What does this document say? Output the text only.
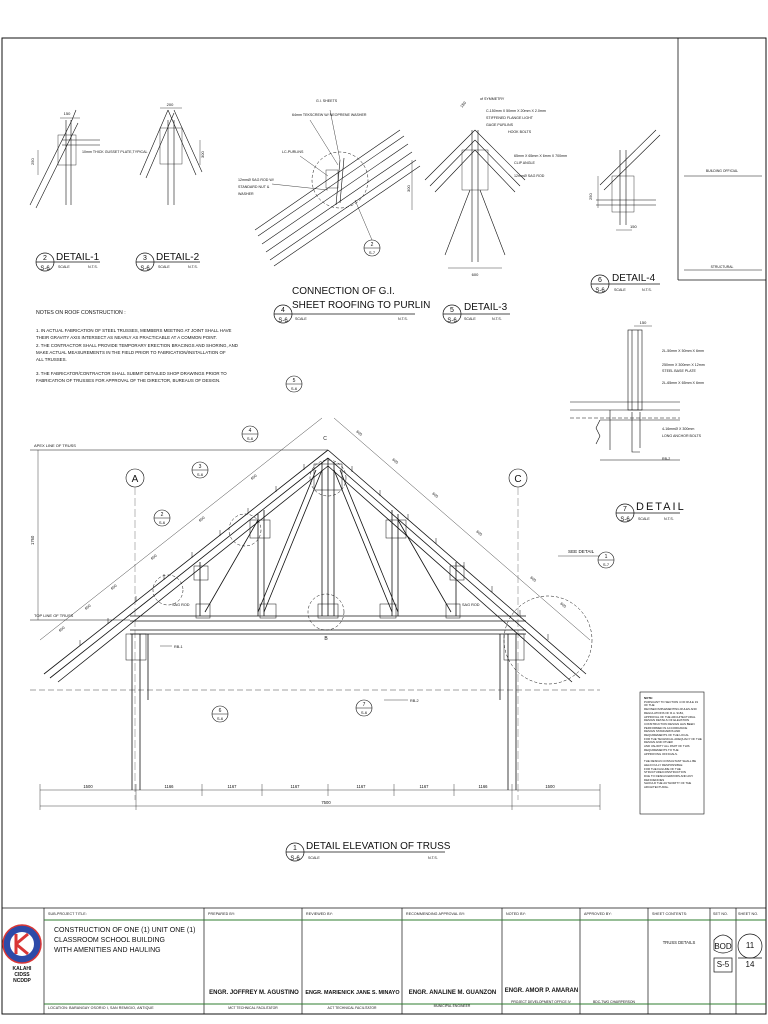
BUILDING OFFICIAL
STRUCTURAL
150
250
10mm THICK GUSSET PLATE,TYPICAL
200
300
G.I. SHEETS
64mm TEKSCREW W/ NEOPRENE WASHER
LC-PURLINS
12mmØ SAG ROD W/
STANDARD NUT &
WASHER
2
S-7
150
of SYMMETRY
C-150mm X 50mm X 20mm X 2.0mm
STIFFENED FLANGE LIGHT
GAGE PURLINS
HOOK BOLTS
65mm X 65mm X 6mm X 700mm
CLIP ANGLE
12mmØ SAG ROD
600
300
250
150
150
2L-50mm X 50mm X 6mm
250mm X 300mm X 12mm
STEEL BASE PLATE
2L-65mm X 65mm X 6mm
4-16mmØ X 300mm
LONG ANCHOR BOLTS
RB-2
2
S-6
DETAIL-1
SCALE	N.T.S.
3
S-6
DETAIL-2
SCALE	N.T.S.
4
S-6
CONNECTION OF G.I.
SHEET ROOFING TO PURLIN
SCALE	N.T.S.
5
S-6
DETAIL-3
SCALE	N.T.S.
6
S-6
DETAIL-4
SCALE	N.T.S.
7
S-6
DETAIL
SCALE	N.T.S.
1
S-6
DETAIL ELEVATION OF TRUSS
SCALE	N.T.S.
NOTES ON ROOF CONSTRUCTION :
1. IN ACTUAL FABRICATION OF STEEL TRUSSES, MEMBERS MEETING AT JOINT SHALL HAVE
THEIR GRAVITY AXIS INTERSECT AS NEARLY AS PRACTICABLE AT A COMMON POINT.
2. THE CONTRACTOR SHALL PROVIDE TEMPORARY ERECTION BRACINGS AND SHORING, AND
MAKE ACTUAL MEASUREMENTS IN THE FIELD PRIOR TO FABRICATION/INSTALLATION OF
ALL TRUSSES.
3. THE FABRICATOR/CONTRACTOR SHALL SUBMIT DETAILED SHOP DRAWINGS PRIOR TO
FABRICATION OF TRUSSES FOR APPROVAL OF THE DIRECTOR, BUREAUS OF DESIGN.
APEX LINE OF TRUSS
TOP LINE OF TRUSS
1760
A	C
SAG ROD	SAG ROD
RB-1
RB-2
SEE DETAIL
1
S-7
B
C
5
S-6
4
S-6
3
S-6
2
S-6
6
S-6
7
S-6
600
600
600
600
600
600
600
600
600
600
600
600
1500	1166	1167	1167	1167	1167	1166	1500
7500
KALAHI
CIDSS
NCDDP
NOTE:
PURSUANT TO SECTION 4 OF RULE 19 OF THE
REVISED IMPLEMENTING RULES AND REGULATIONS OF R.A. 9184,
APPROVAL OF THE ARCHITECTURAL DESIGN DETAILS OF ELEVATION
CONSTRUCTION DESIGN HAS BEEN PERFORMED IN ACCORDANCE
DESIGN STANDARDS AND REQUIREMENTS OF THE LOCAL
FOR THE TECHNICAL ADEQUACY OF THE DESIGN AND OTHER
AND VALIDITY ALL PART OF THIS REQUIREMENTS TO THE
APPROVING OFFICIALS.
THE DESIGN CONSULTANT SHALL BE HELD FULLY RESPONSIBLE
FOR THE FAILURE OF THE STRUCTURE/CONSTRUCTION
DUE TO DESIGN ERRORS AND ANY DEFICIENCIES
SHOULD THE AUTHORITY OF THE ARCHITECTURAL.
SUB-PROJECT TITLE:
CONSTRUCTION OF ONE (1) UNIT ONE (1)
CLASSROOM SCHOOL BUILDING
WITH AMENITIES AND HAULING
LOCATION: BARANGAY OSORIO I, SAN REMIGIO, ANTIQUE
PREPARED BY:
ENGR. JOFFREY M. AGUSTINO
MCT TECHNICAL FACILITATOR
REVIEWED BY:
ENGR. MARIENICK JANE S. MINAYO
ACT TECHNICAL FACILITATOR
RECOMMENDING APPROVAL BY:
ENGR. ANALINE M. GUANZON
MUNICIPAL ENGINEER
NOTED BY:
ENGR. AMOR P. AMARAN
PROJECT DEVELOPMENT OFFICE IV
APPROVED BY:
BDC-TWG CHAIRPERSON
SHEET CONTENTS:
TRUSS DETAILS
SET NO.
BOD
S-5
SHEET NO.
11
14
